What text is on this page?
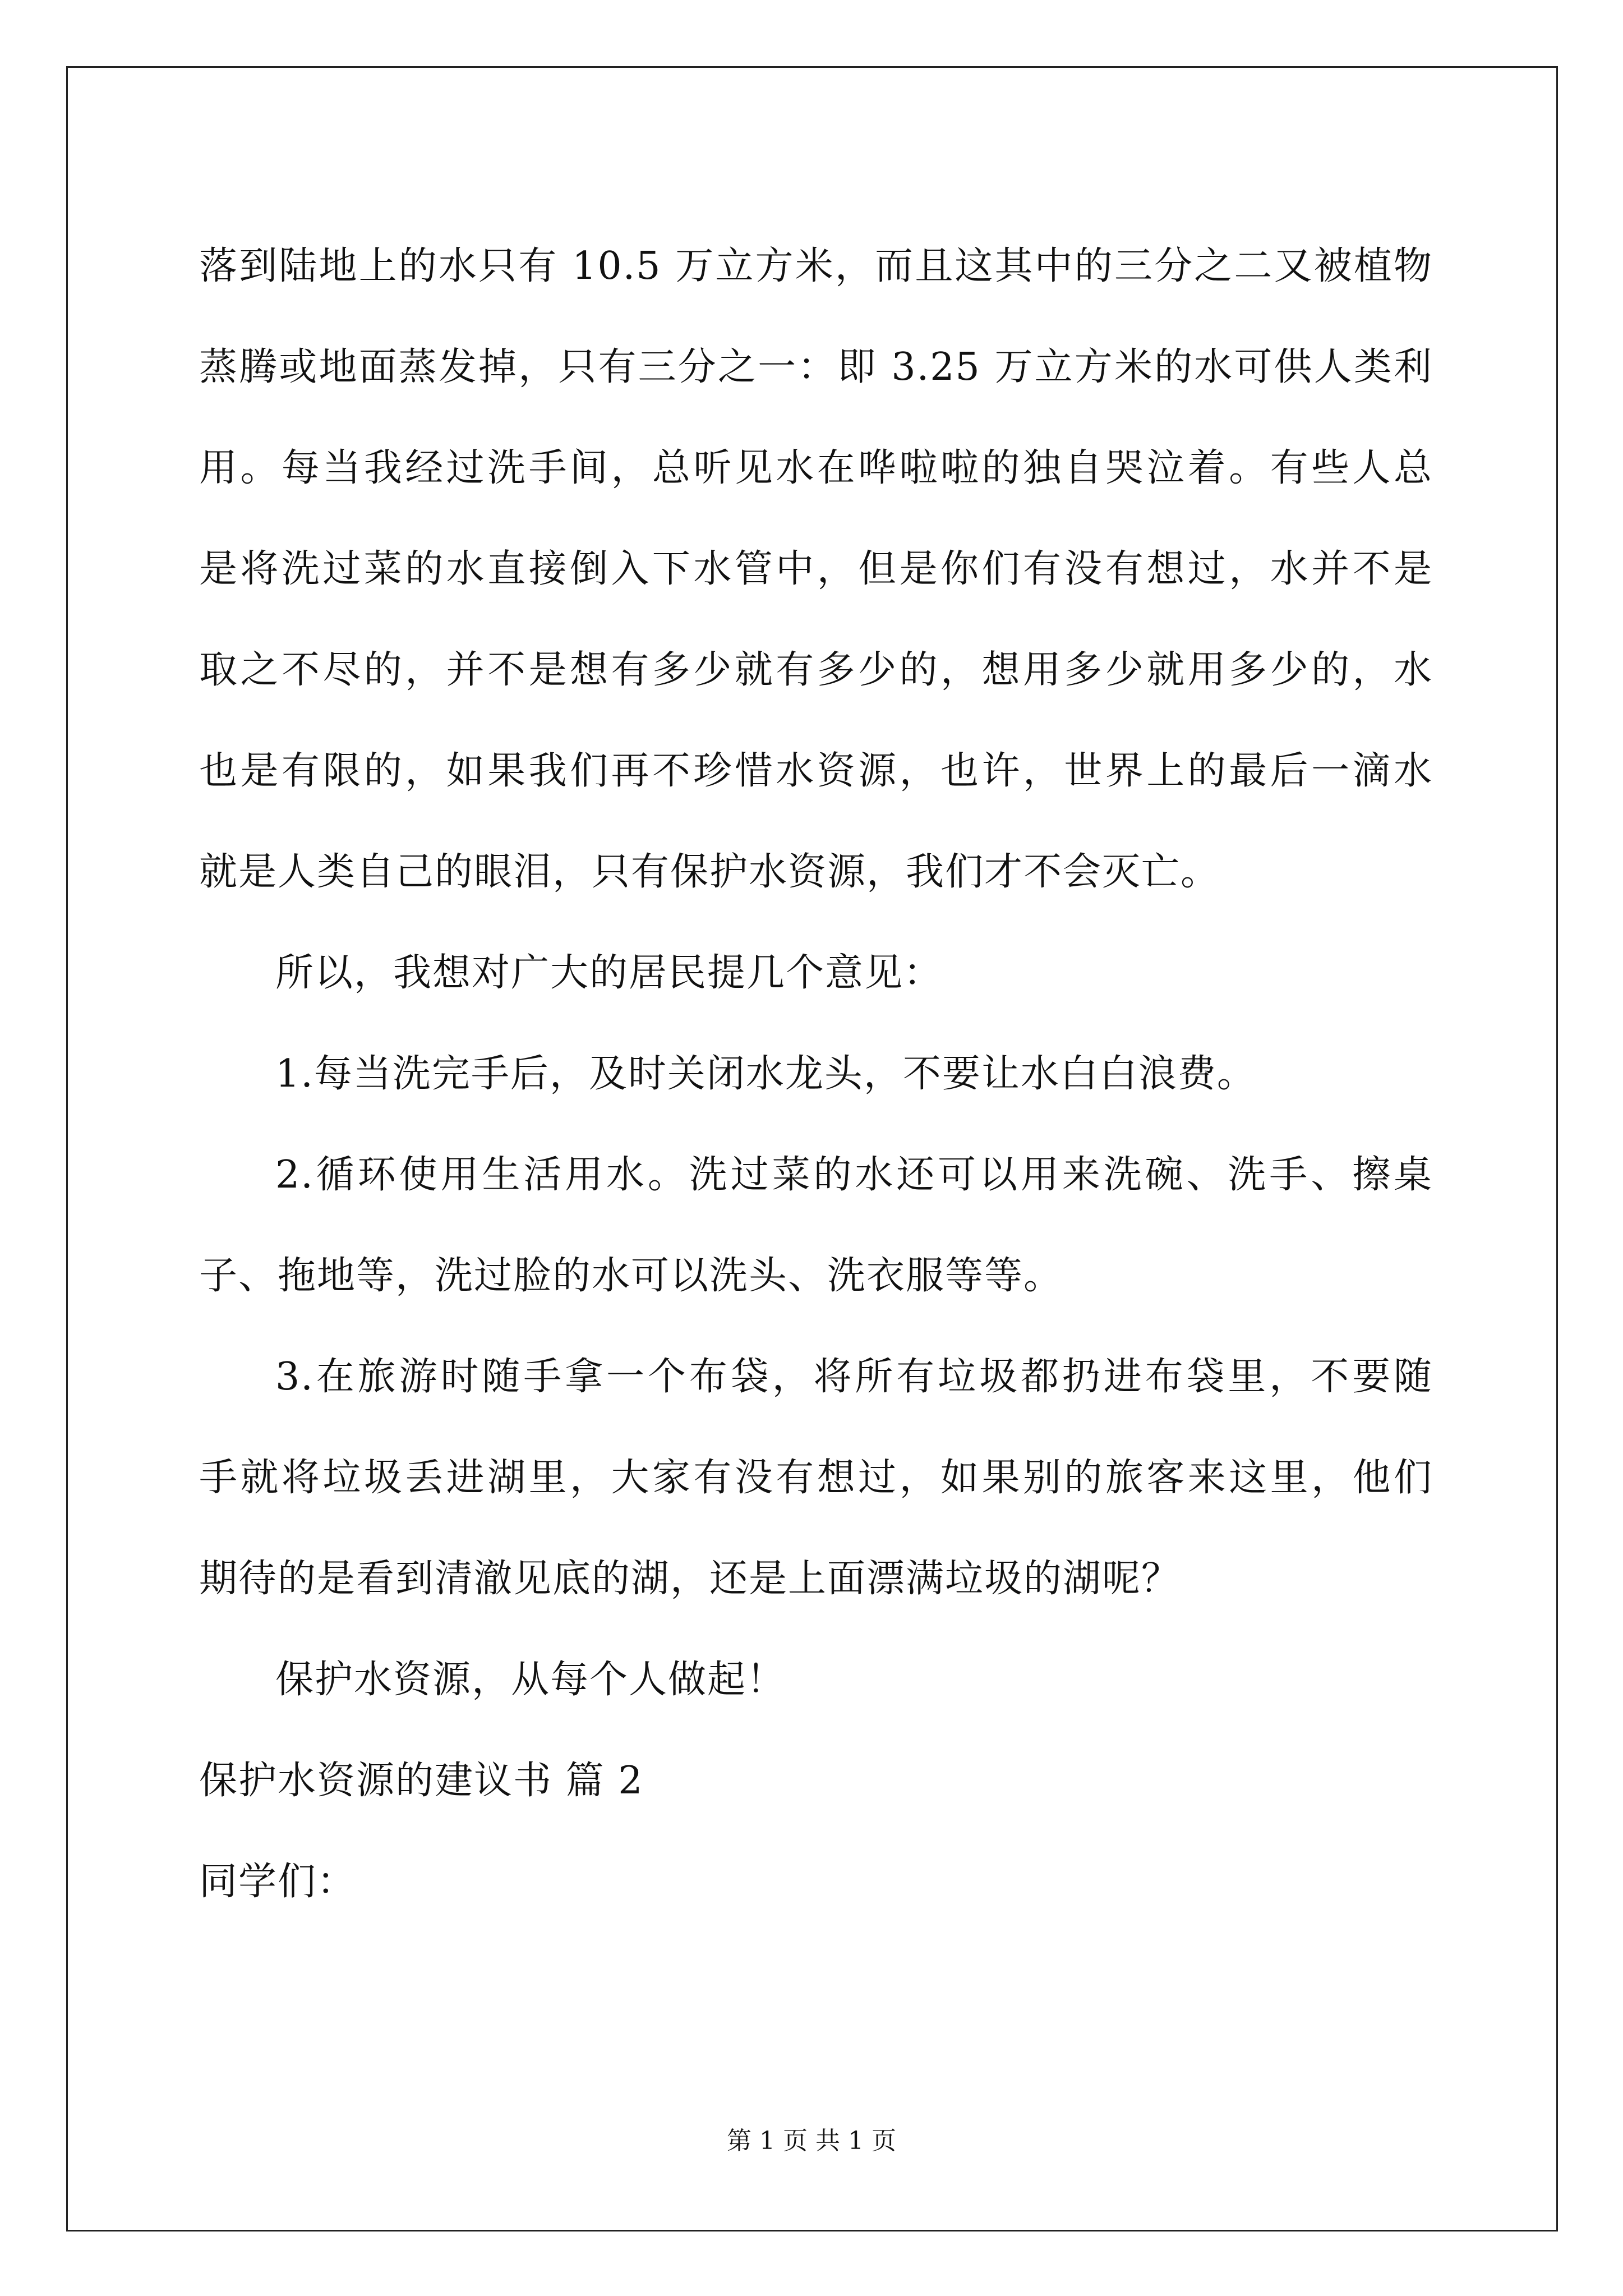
落到陆地上的水只有 10.5 万立方米，而且这其中的三分之二又被植物
蒸腾或地面蒸发掉，只有三分之一：即 3.25 万立方米的水可供人类利
用。每当我经过洗手间，总听见水在哗啦啦的独自哭泣着。有些人总
是将洗过菜的水直接倒入下水管中，但是你们有没有想过，水并不是
取之不尽的，并不是想有多少就有多少的，想用多少就用多少的，水
也是有限的，如果我们再不珍惜水资源，也许，世界上的最后一滴水
就是人类自己的眼泪，只有保护水资源，我们才不会灭亡。
所以，我想对广大的居民提几个意见：
1.每当洗完手后，及时关闭水龙头，不要让水白白浪费。
2.循环使用生活用水。洗过菜的水还可以用来洗碗、洗手、擦桌
子、拖地等，洗过脸的水可以洗头、洗衣服等等。
3.在旅游时随手拿一个布袋，将所有垃圾都扔进布袋里，不要随
手就将垃圾丢进湖里，大家有没有想过，如果别的旅客来这里，他们
期待的是看到清澈见底的湖，还是上面漂满垃圾的湖呢？
保护水资源，从每个人做起！
保护水资源的建议书 篇 2
同学们：
第 1 页 共 1 页
